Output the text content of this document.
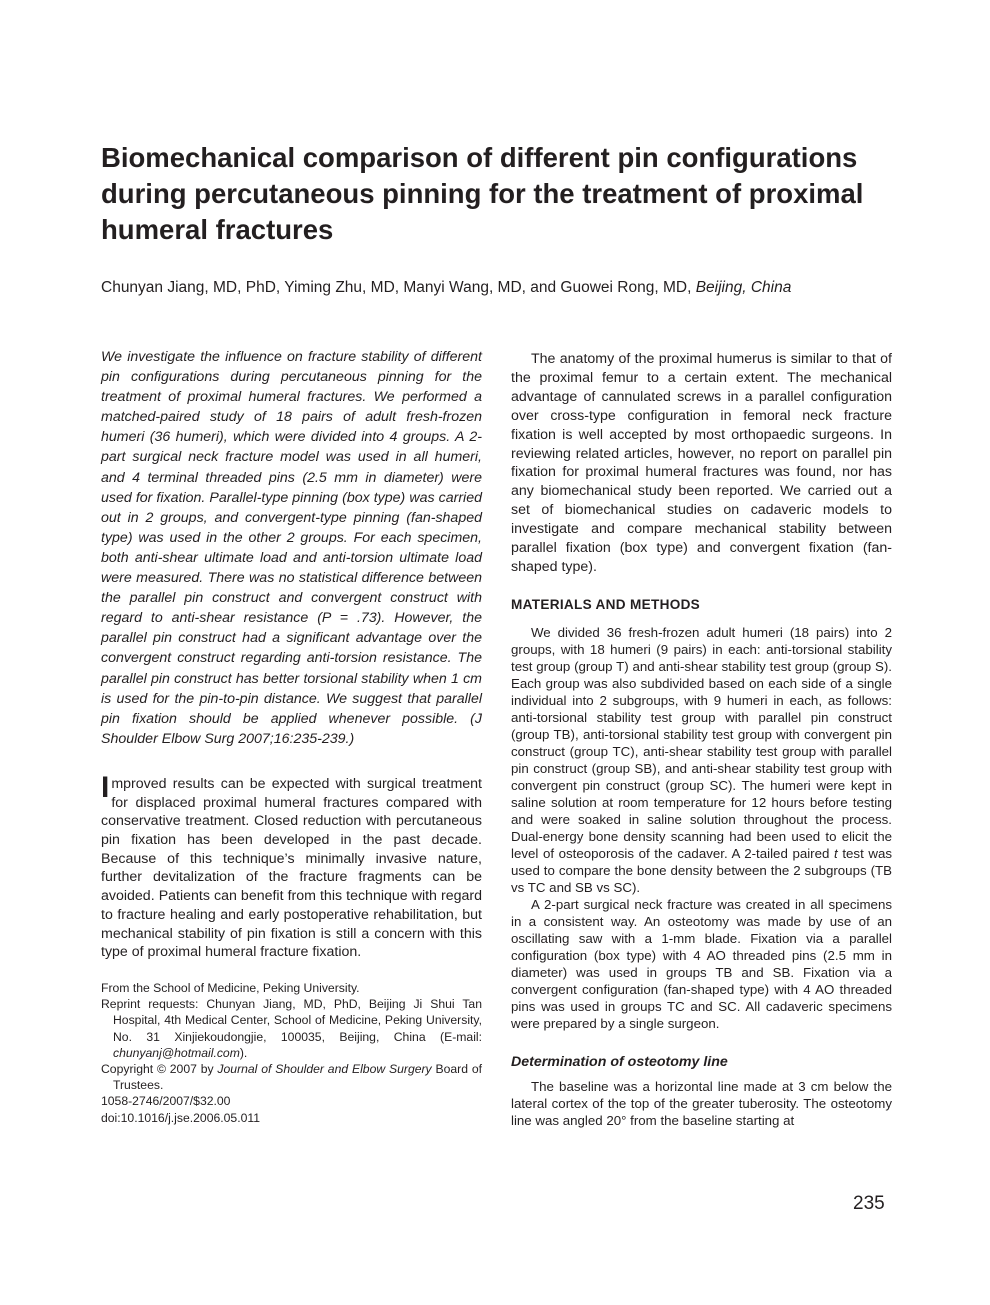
Biomechanical comparison of different pin configurations during percutaneous pinning for the treatment of proximal humeral fractures
Chunyan Jiang, MD, PhD, Yiming Zhu, MD, Manyi Wang, MD, and Guowei Rong, MD, Beijing, China

We investigate the influence on fracture stability of different pin configurations during percutaneous pinning for the treatment of proximal humeral fractures. We performed a matched-paired study of 18 pairs of adult fresh-frozen humeri (36 humeri), which were divided into 4 groups. A 2-part surgical neck fracture model was used in all humeri, and 4 terminal threaded pins (2.5 mm in diameter) were used for fixation. Parallel-type pinning (box type) was carried out in 2 groups, and convergent-type pinning (fan-shaped type) was used in the other 2 groups. For each specimen, both anti-shear ultimate load and anti-torsion ultimate load were measured. There was no statistical difference between the parallel pin construct and convergent construct with regard to anti-shear resistance (P = .73). However, the parallel pin construct had a significant advantage over the convergent construct regarding anti-torsion resistance. The parallel pin construct has better torsional stability when 1 cm is used for the pin-to-pin distance. We suggest that parallel pin fixation should be applied whenever possible. (J Shoulder Elbow Surg 2007;16:235-239.)

Improved results can be expected with surgical treatment for displaced proximal humeral fractures compared with conservative treatment. Closed reduction with percutaneous pin fixation has been developed in the past decade. Because of this technique’s minimally invasive nature, further devitalization of the fracture fragments can be avoided. Patients can benefit from this technique with regard to fracture healing and early postoperative rehabilitation, but mechanical stability of pin fixation is still a concern with this type of proximal humeral fracture fixation.

From the School of Medicine, Peking University.

Reprint requests: Chunyan Jiang, MD, PhD, Beijing Ji Shui Tan Hospital, 4th Medical Center, School of Medicine, Peking University, No. 31 Xinjiekoudongjie, 100035, Beijing, China (E-mail: chunyanj@hotmail.com).

Copyright © 2007 by Journal of Shoulder and Elbow Surgery Board of Trustees.

1058-2746/2007/$32.00

doi:10.1016/j.jse.2006.05.011

The anatomy of the proximal humerus is similar to that of the proximal femur to a certain extent. The mechanical advantage of cannulated screws in a parallel configuration over cross-type configuration in femoral neck fracture fixation is well accepted by most orthopaedic surgeons. In reviewing related articles, however, no report on parallel pin fixation for proximal humeral fractures was found, nor has any biomechanical study been reported. We carried out a set of biomechanical studies on cadaveric models to investigate and compare mechanical stability between parallel fixation (box type) and convergent fixation (fan-shaped type).

MATERIALS AND METHODS

We divided 36 fresh-frozen adult humeri (18 pairs) into 2 groups, with 18 humeri (9 pairs) in each: anti-torsional stability test group (group T) and anti-shear stability test group (group S). Each group was also subdivided based on each side of a single individual into 2 subgroups, with 9 humeri in each, as follows: anti-torsional stability test group with parallel pin construct (group TB), anti-torsional stability test group with convergent pin construct (group TC), anti-shear stability test group with parallel pin construct (group SB), and anti-shear stability test group with convergent pin construct (group SC). The humeri were kept in saline solution at room temperature for 12 hours before testing and were soaked in saline solution throughout the process. Dual-energy bone density scanning had been used to elicit the level of osteoporosis of the cadaver. A 2-tailed paired t test was used to compare the bone density between the 2 subgroups (TB vs TC and SB vs SC).

A 2-part surgical neck fracture was created in all specimens in a consistent way. An osteotomy was made by use of an oscillating saw with a 1-mm blade. Fixation via a parallel configuration (box type) with 4 AO threaded pins (2.5 mm in diameter) was used in groups TB and SB. Fixation via a convergent configuration (fan-shaped type) with 4 AO threaded pins was used in groups TC and SC. All cadaveric specimens were prepared by a single surgeon.

Determination of osteotomy line

The baseline was a horizontal line made at 3 cm below the lateral cortex of the top of the greater tuberosity. The osteotomy line was angled 20° from the baseline starting at

235
